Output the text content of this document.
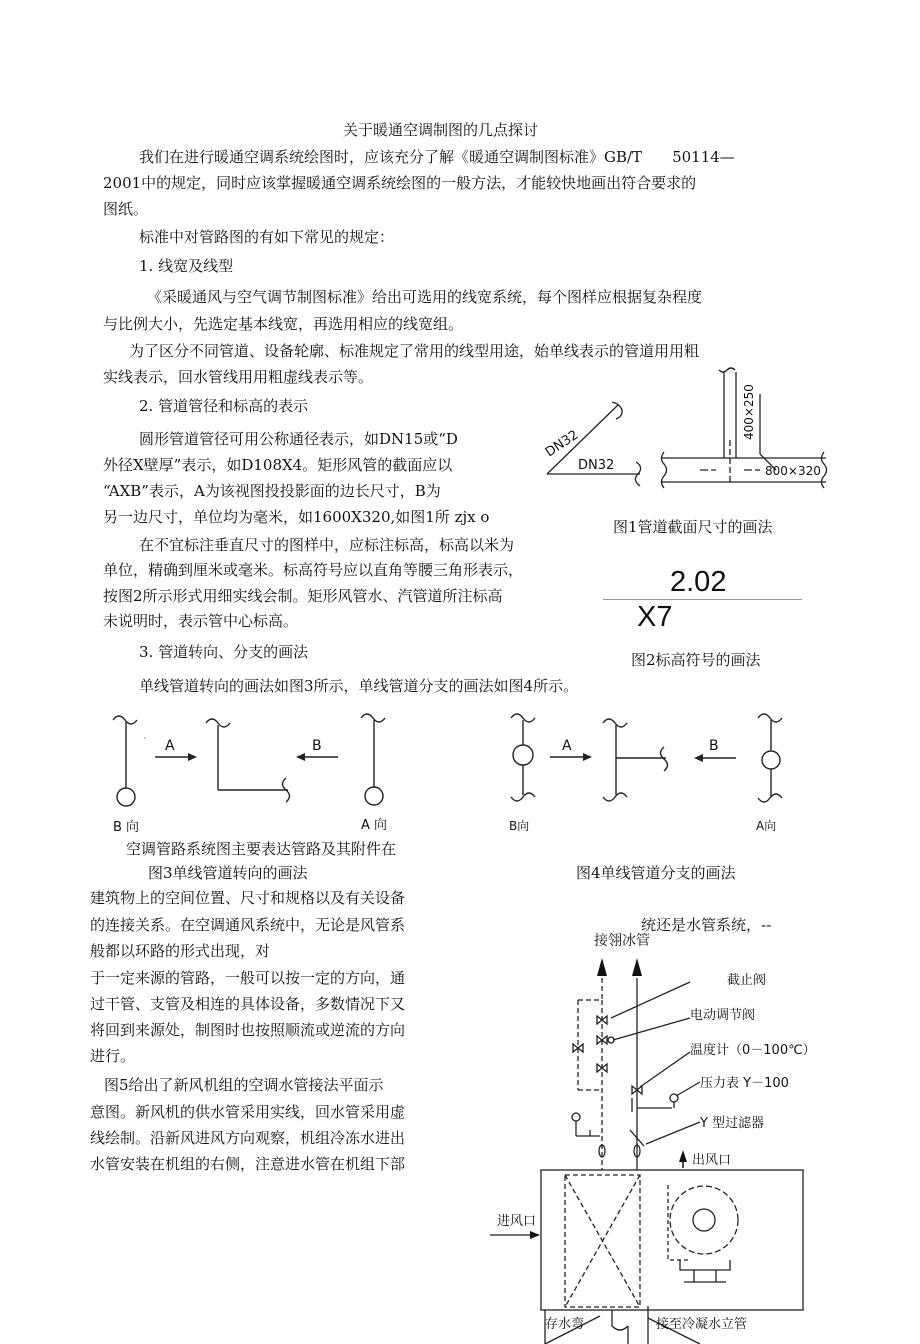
关于暖通空调制图的几点探讨
我们在进行暖通空调系统绘图时，应该充分了解《暖通空调制图标准》GB/T　　50114—
2001中的规定，同时应该掌握暖通空调系统绘图的一般方法，才能较快地画出符合要求的
图纸。
标准中对管路图的有如下常见的规定：
1. 线宽及线型
《采暖通风与空气调节制图标准》给出可选用的线宽系统，每个图样应根据复杂程度
与比例大小，先选定基本线宽，再选用相应的线宽组。
为了区分不同管道、设备轮廓、标准规定了常用的线型用途，始单线表示的管道用用粗
实线表示，回水管线用用粗虚线表示等。
2. 管道管径和标高的表示
圆形管道管径可用公称通径表示，如DN15或“D
外径X壁厚”表示，如D108X4。矩形风管的截面应以
“AXB”表示，A为该视图投投影面的边长尺寸，B为
另一边尺寸，单位均为毫米，如1600X320,如图1所 zjx o
在不宜标注垂直尺寸的图样中，应标注标高，标高以米为
单位，精确到厘米或毫米。标高符号应以直角等腰三角形表示，
按图2所示形式用细实线会制。矩形风管水、汽管道所注标高
未说明时，表示管中心标高。
3. 管道转向、分支的画法
单线管道转向的画法如图3所示，单线管道分支的画法如图4所示。
空调管路系统图主要表达管路及其附件在
建筑物上的空间位置、尺寸和规格以及有关设备
的连接关系。在空调通风系统中，无论是风管系	统还是水管系统，--
般都以环路的形式出现，对
于一定来源的管路，一般可以按一定的方向，通
过干管、支管及相连的具体设备，多数情况下又
将回到来源处，制图时也按照顺流或逆流的方向
进行。
图5给出了新风机组的空调水管接法平面示
意图。新风机的供水管采用实线，回水管采用虚
线绘制。沿新风进风方向观察，机组冷冻水进出
水管安装在机组的右侧，注意进水管在机组下部
DN32
DN32
400×250
800×320
图1管道截面尺寸的画法
2.02
X7
图2标高符号的画法
` A	B
B 向	A 向
图3单线管道转向的画法
A	B
B向	A向
图4单线管道分支的画法
接翎冰管
截止阀
电动调节阀
温度计（0－100℃）
压力表 Y－100
Y 型过滤器
出风口
进风口
存水弯	接至冷凝水立管
